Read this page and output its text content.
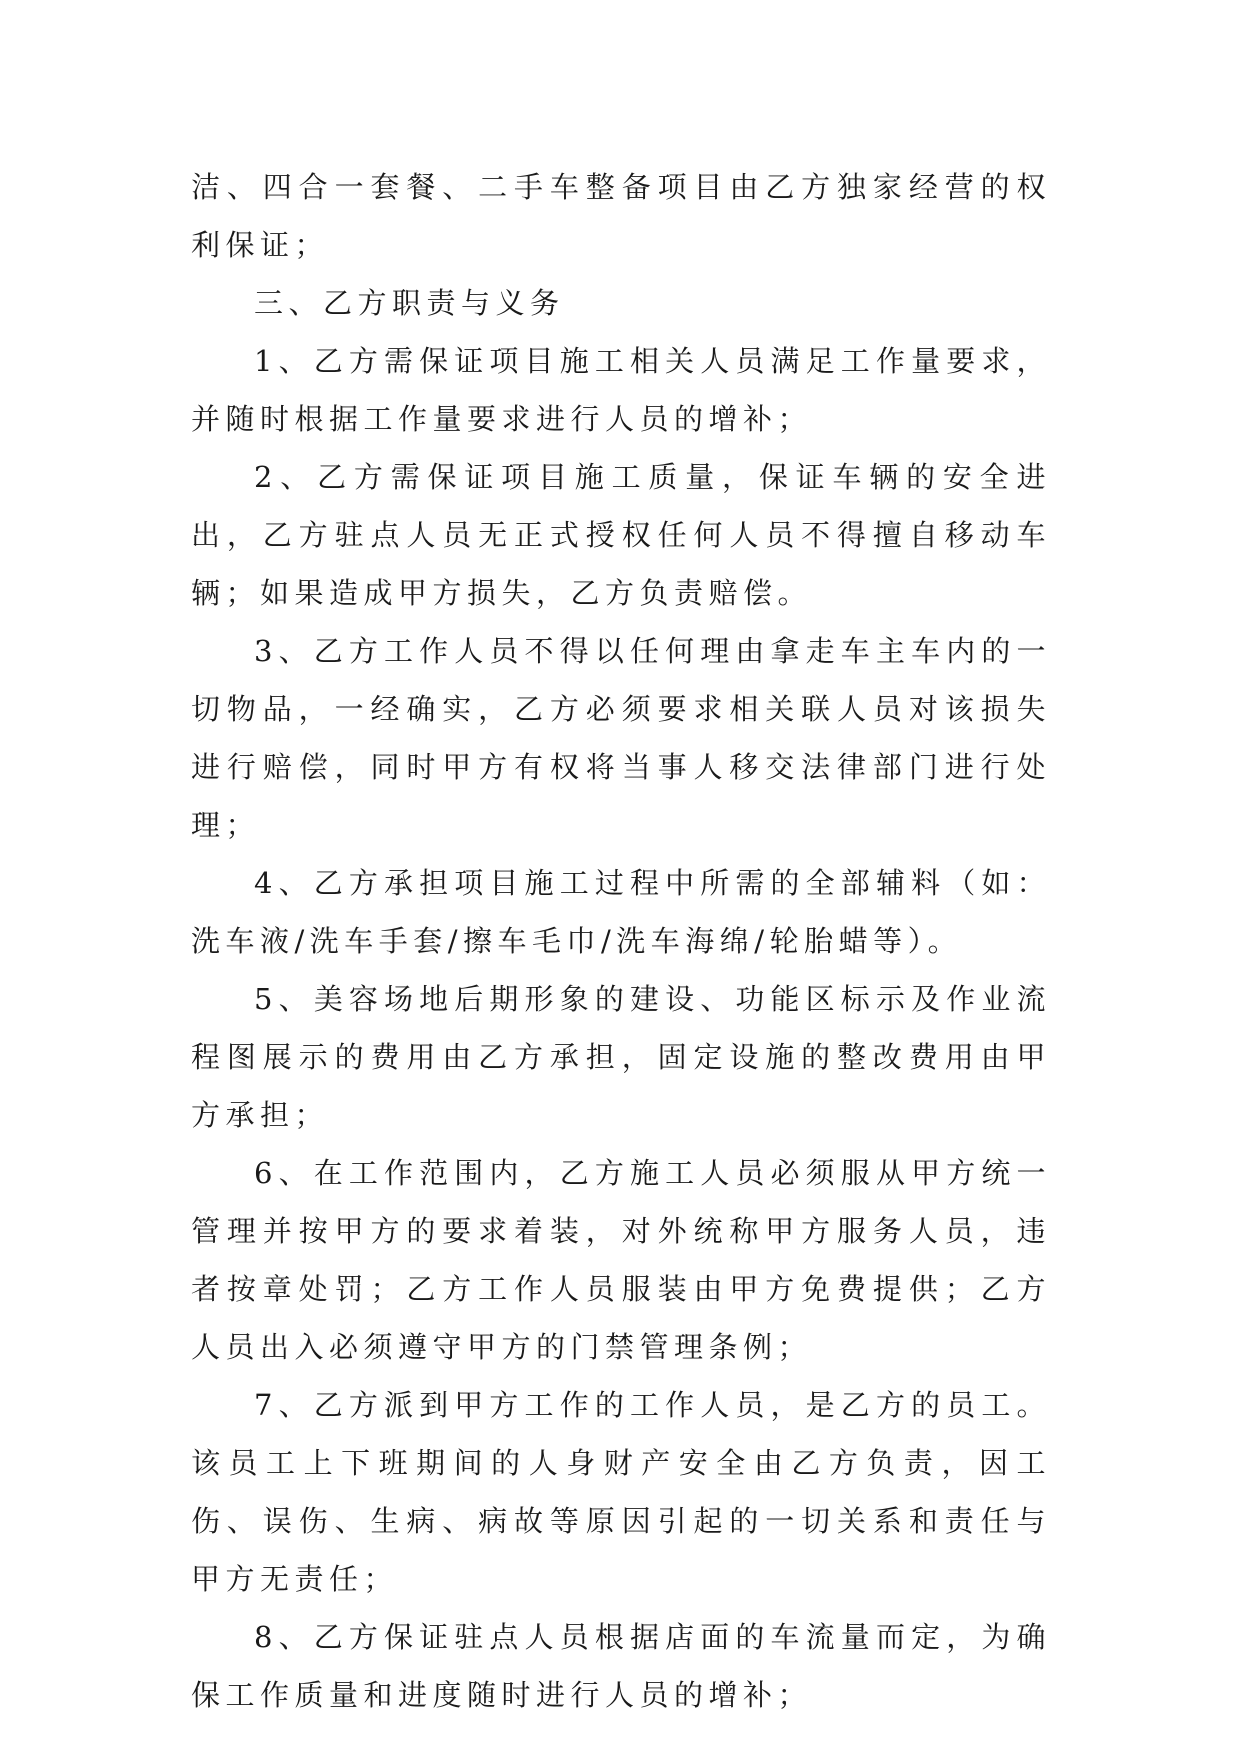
洁、四合一套餐、二手车整备项目由乙方独家经营的权利保证；

三、乙方职责与义务

1、乙方需保证项目施工相关人员满足工作量要求，并随时根据工作量要求进行人员的增补；

2、乙方需保证项目施工质量，保证车辆的安全进出，乙方驻点人员无正式授权任何人员不得擅自移动车辆；如果造成甲方损失，乙方负责赔偿。

3、乙方工作人员不得以任何理由拿走车主车内的一切物品，一经确实，乙方必须要求相关联人员对该损失进行赔偿，同时甲方有权将当事人移交法律部门进行处理；

4、乙方承担项目施工过程中所需的全部辅料（如：洗车液/洗车手套/擦车毛巾/洗车海绵/轮胎蜡等）。

5、美容场地后期形象的建设、功能区标示及作业流程图展示的费用由乙方承担，固定设施的整改费用由甲方承担；

6、在工作范围内，乙方施工人员必须服从甲方统一管理并按甲方的要求着装，对外统称甲方服务人员，违者按章处罚；乙方工作人员服装由甲方免费提供；乙方人员出入必须遵守甲方的门禁管理条例；

7、乙方派到甲方工作的工作人员，是乙方的员工。该员工上下班期间的人身财产安全由乙方负责，因工伤、误伤、生病、病故等原因引起的一切关系和责任与甲方无责任；

8、乙方保证驻点人员根据店面的车流量而定，为确保工作质量和进度随时进行人员的增补；
